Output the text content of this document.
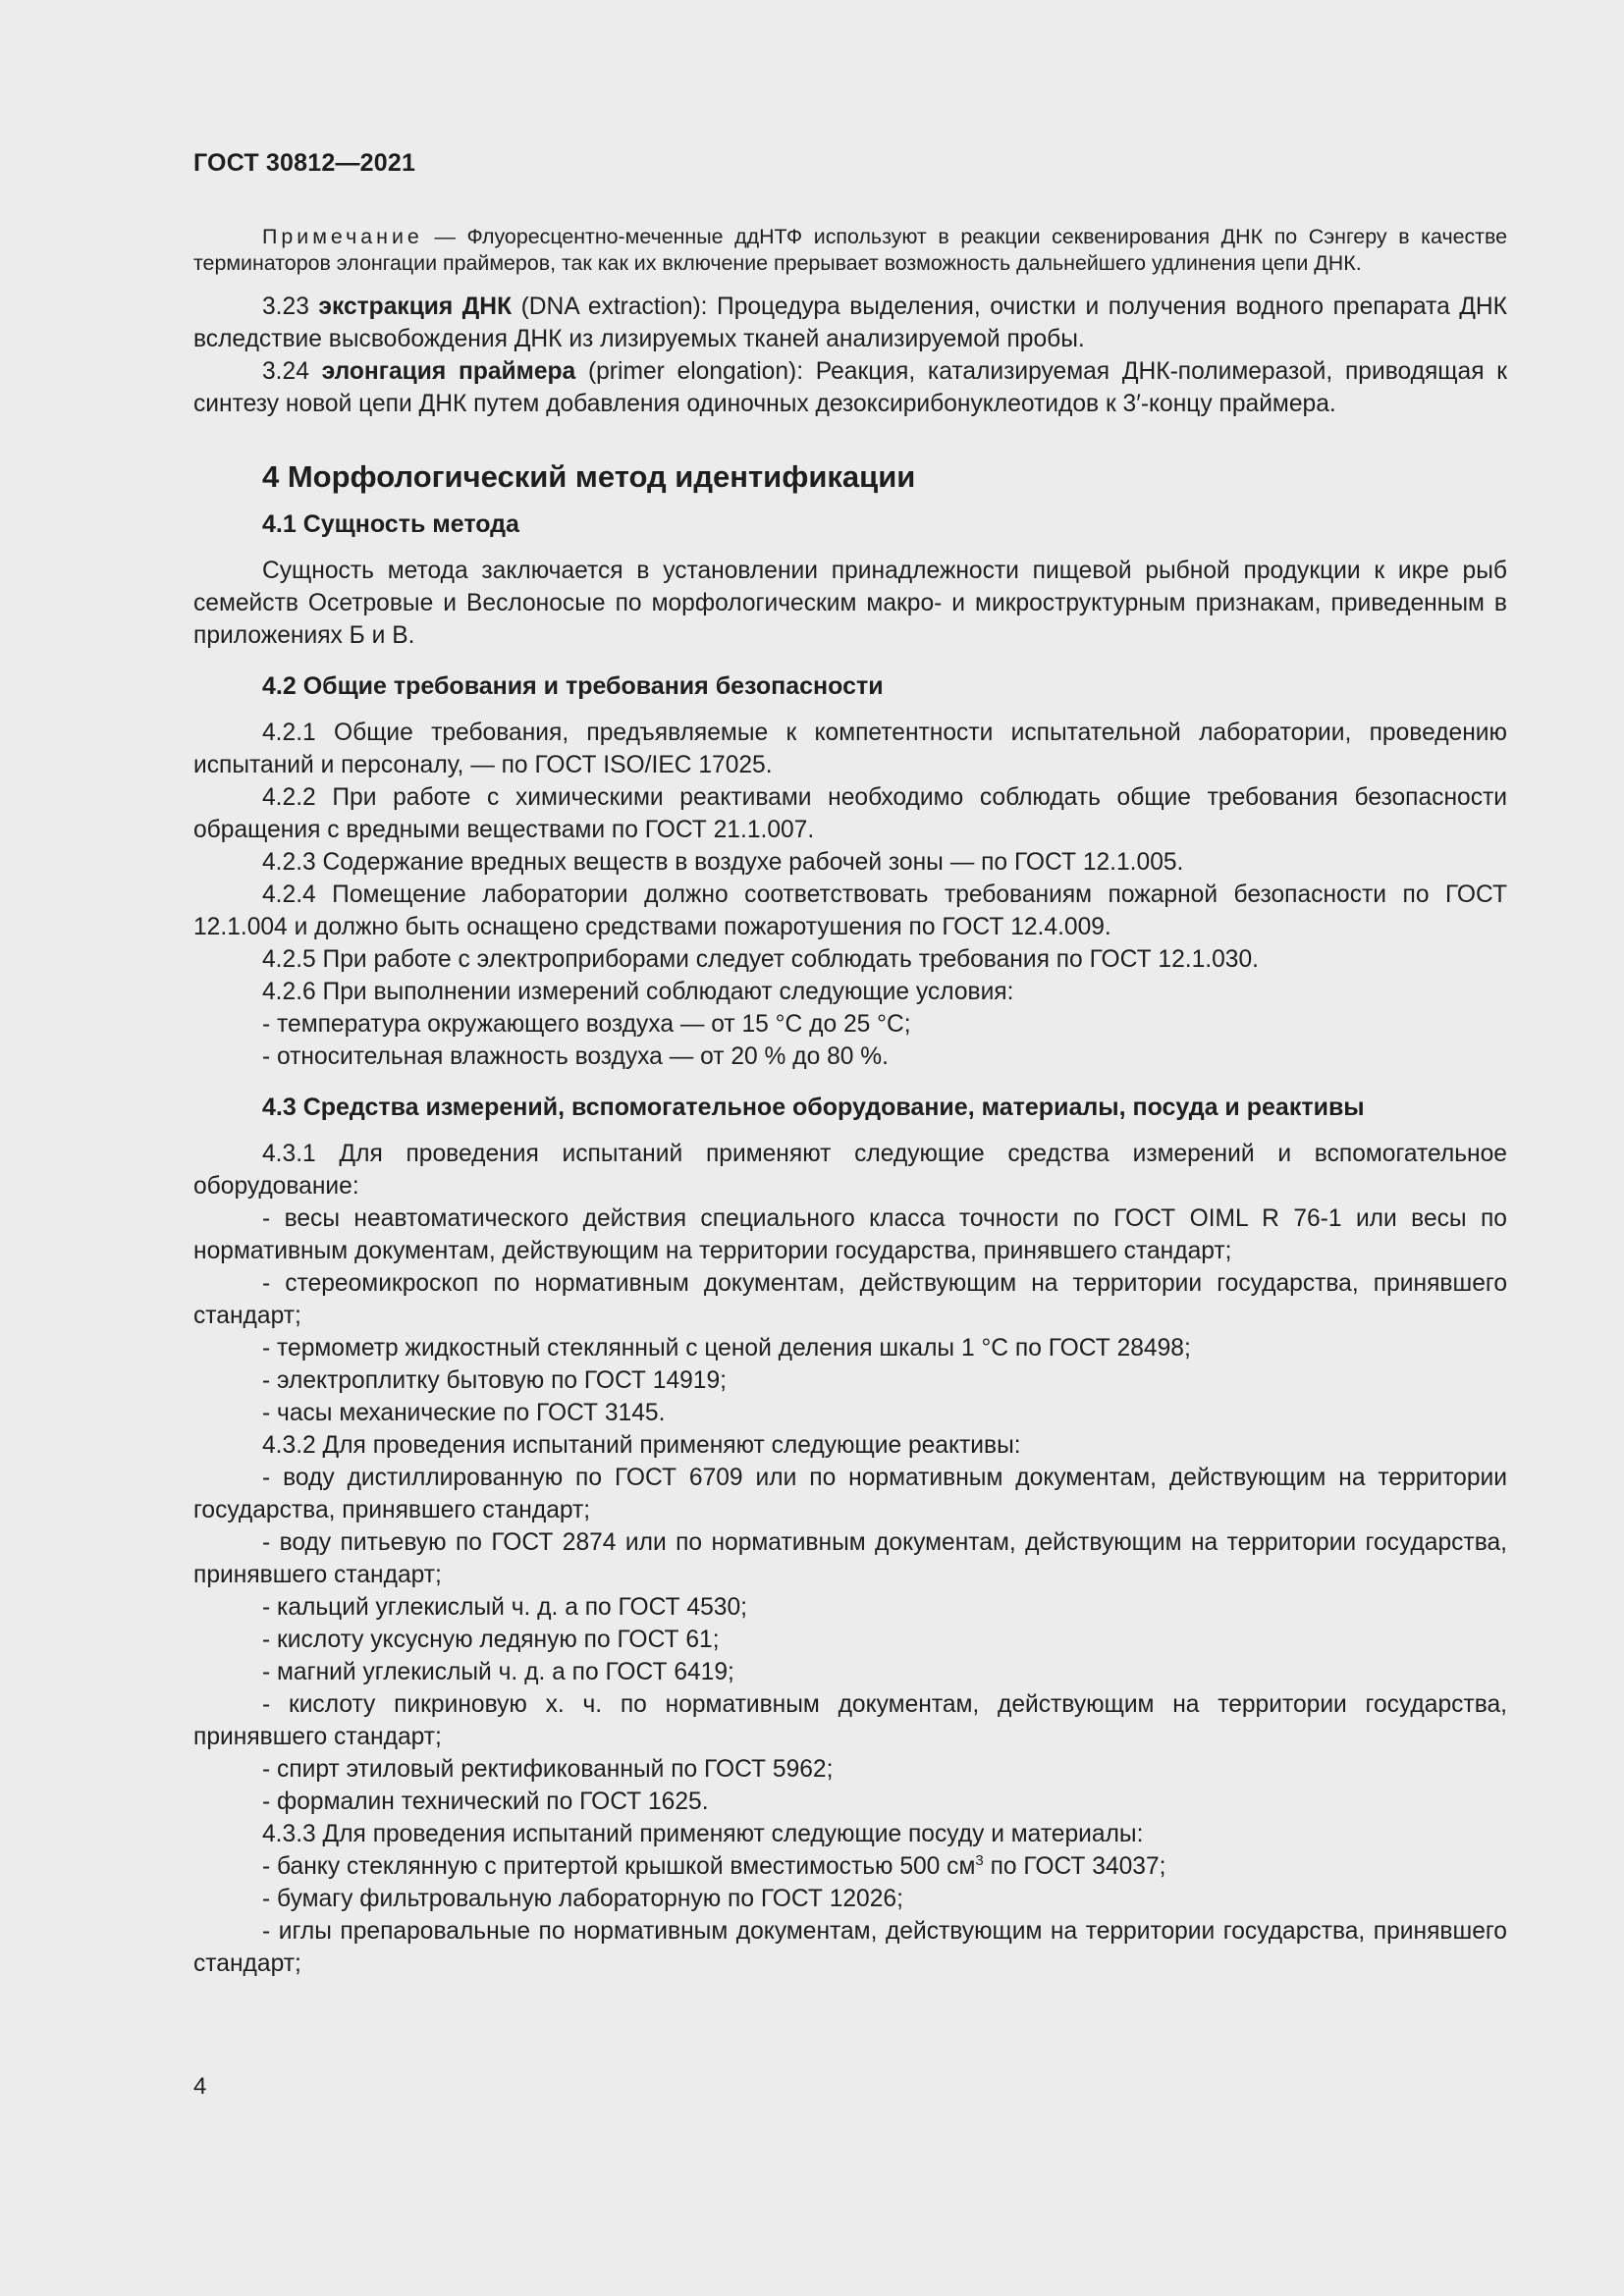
ГОСТ 30812—2021

Примечание — Флуоресцентно-меченные ддНТФ используют в реакции секвенирования ДНК по Сэнгеру в качестве терминаторов элонгации праймеров, так как их включение прерывает возможность дальнейшего удлинения цепи ДНК.

3.23 экстракция ДНК (DNA extraction): Процедура выделения, очистки и получения водного препарата ДНК вследствие высвобождения ДНК из лизируемых тканей анализируемой пробы.

3.24 элонгация праймера (primer elongation): Реакция, катализируемая ДНК-полимеразой, приводящая к синтезу новой цепи ДНК путем добавления одиночных дезоксирибонуклеотидов к 3′-концу праймера.

4 Морфологический метод идентификации
4.1 Сущность метода

Сущность метода заключается в установлении принадлежности пищевой рыбной продукции к икре рыб семейств Осетровые и Веслоносые по морфологическим макро- и микроструктурным признакам, приведенным в приложениях Б и В.

4.2 Общие требования и требования безопасности

4.2.1 Общие требования, предъявляемые к компетентности испытательной лаборатории, проведению испытаний и персоналу, — по ГОСТ ISO/IEC 17025.

4.2.2 При работе с химическими реактивами необходимо соблюдать общие требования безопасности обращения с вредными веществами по ГОСТ 21.1.007.

4.2.3 Содержание вредных веществ в воздухе рабочей зоны — по ГОСТ 12.1.005.

4.2.4 Помещение лаборатории должно соответствовать требованиям пожарной безопасности по ГОСТ 12.1.004 и должно быть оснащено средствами пожаротушения по ГОСТ 12.4.009.

4.2.5 При работе с электроприборами следует соблюдать требования по ГОСТ 12.1.030.

4.2.6 При выполнении измерений соблюдают следующие условия:

- температура окружающего воздуха — от 15 °C до 25 °C;

- относительная влажность воздуха — от 20 % до 80 %.

4.3 Средства измерений, вспомогательное оборудование, материалы, посуда и реактивы

4.3.1 Для проведения испытаний применяют следующие средства измерений и вспомогательное оборудование:

- весы неавтоматического действия специального класса точности по ГОСТ OIML R 76-1 или весы по нормативным документам, действующим на территории государства, принявшего стандарт;

- стереомикроскоп по нормативным документам, действующим на территории государства, принявшего стандарт;

- термометр жидкостный стеклянный с ценой деления шкалы 1 °C по ГОСТ 28498;

- электроплитку бытовую по ГОСТ 14919;

- часы механические по ГОСТ 3145.

4.3.2 Для проведения испытаний применяют следующие реактивы:

- воду дистиллированную по ГОСТ 6709 или по нормативным документам, действующим на территории государства, принявшего стандарт;

- воду питьевую по ГОСТ 2874 или по нормативным документам, действующим на территории государства, принявшего стандарт;

- кальций углекислый ч. д. а по ГОСТ 4530;

- кислоту уксусную ледяную по ГОСТ 61;

- магний углекислый ч. д. а по ГОСТ 6419;

- кислоту пикриновую х. ч. по нормативным документам, действующим на территории государства, принявшего стандарт;

- спирт этиловый ректификованный по ГОСТ 5962;

- формалин технический по ГОСТ 1625.

4.3.3 Для проведения испытаний применяют следующие посуду и материалы:

- банку стеклянную с притертой крышкой вместимостью 500 $см^3$ по ГОСТ 34037;

- бумагу фильтровальную лабораторную по ГОСТ 12026;

- иглы препаровальные по нормативным документам, действующим на территории государства, принявшего стандарт;

4
